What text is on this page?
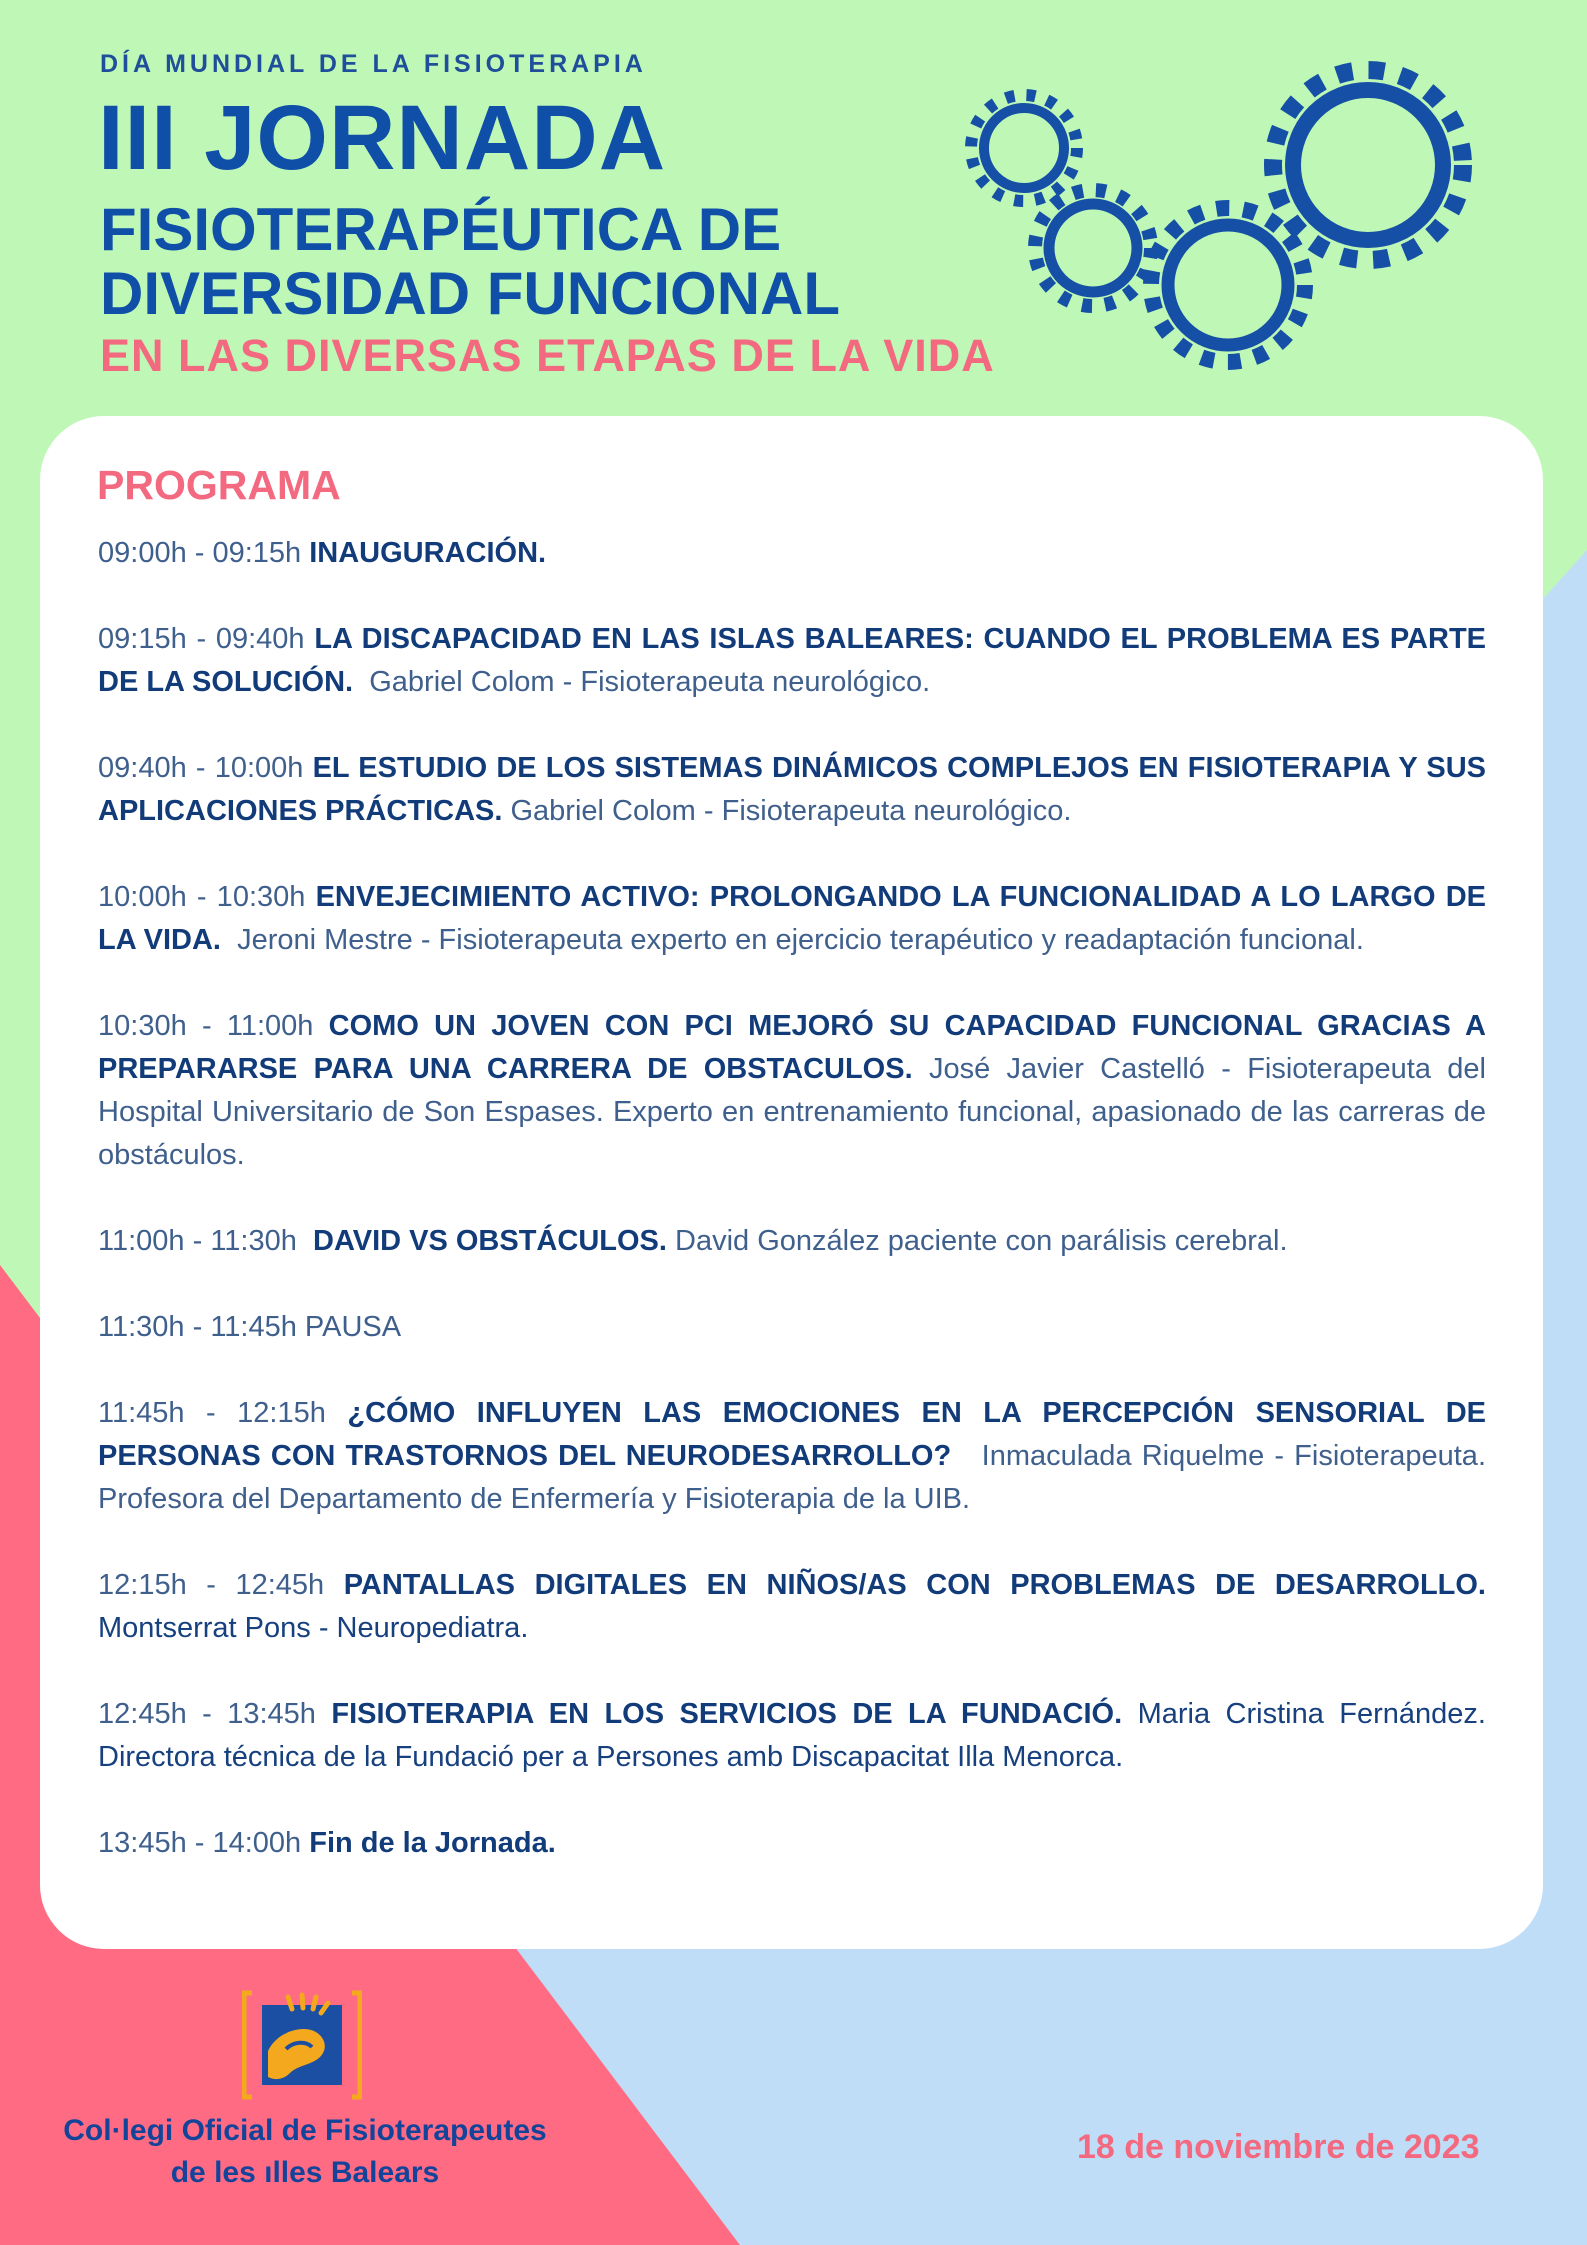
DÍA MUNDIAL DE LA FISIOTERAPIA
III JORNADA
FISIOTERAPÉUTICA DE
DIVERSIDAD FUNCIONAL
EN LAS DIVERSAS ETAPAS DE LA VIDA
PROGRAMA

09:00h - 09:15h INAUGURACIÓN.

09:15h - 09:40h LA DISCAPACIDAD EN LAS ISLAS BALEARES: CUANDO EL PROBLEMA ES PARTE DE LA SOLUCIÓN. Gabriel Colom - Fisioterapeuta neurológico.

09:40h - 10:00h EL ESTUDIO DE LOS SISTEMAS DINÁMICOS COMPLEJOS EN FISIOTERAPIA Y SUS APLICACIONES PRÁCTICAS. Gabriel Colom - Fisioterapeuta neurológico.

10:00h - 10:30h ENVEJECIMIENTO ACTIVO: PROLONGANDO LA FUNCIONALIDAD A LO LARGO DE LA VIDA. Jeroni Mestre - Fisioterapeuta experto en ejercicio terapéutico y readaptación funcional.

10:30h - 11:00h COMO UN JOVEN CON PCI MEJORÓ SU CAPACIDAD FUNCIONAL GRACIAS A PREPARARSE PARA UNA CARRERA DE OBSTACULOS. José Javier Castelló - Fisioterapeuta del Hospital Universitario de Son Espases. Experto en entrenamiento funcional, apasionado de las carreras de obstáculos.

11:00h - 11:30h DAVID VS OBSTÁCULOS. David González paciente con parálisis cerebral.

11:30h - 11:45h PAUSA

11:45h - 12:15h ¿CÓMO INFLUYEN LAS EMOCIONES EN LA PERCEPCIÓN SENSORIAL DE PERSONAS CON TRASTORNOS DEL NEURODESARROLLO? Inmaculada Riquelme - Fisioterapeuta. Profesora del Departamento de Enfermería y Fisioterapia de la UIB.

12:15h - 12:45h PANTALLAS DIGITALES EN NIÑOS/AS CON PROBLEMAS DE DESARROLLO. Montserrat Pons - Neuropediatra.

12:45h - 13:45h FISIOTERAPIA EN LOS SERVICIOS DE LA FUNDACIÓ. Maria Cristina Fernández. Directora técnica de la Fundació per a Persones amb Discapacitat Illa Menorca.

13:45h - 14:00h Fin de la Jornada.

Col·legi Oficial de Fisioterapeutes
de les ılles Balears
18 de noviembre de 2023
